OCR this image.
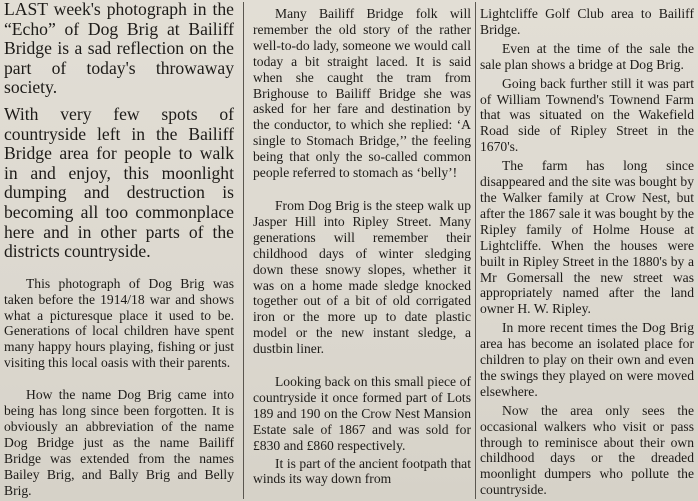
LAST week's photograph in the “Echo” of Dog Brig at Bailiff Bridge is a sad reflection on the part of today's throwaway society.

With very few spots of countryside left in the Bailiff Bridge area for people to walk in and enjoy, this moonlight dumping and destruction is becoming all too commonplace here and in other parts of the districts countryside.

This photograph of Dog Brig was taken before the 1914/18 war and shows what a picturesque place it used to be. Generations of local children have spent many happy hours playing, fishing or just visiting this local oasis with their parents.

How the name Dog Brig came into being has long since been forgotten. It is obviously an abbreviation of the name Dog Bridge just as the name Bailiff Bridge was extended from the names Bailey Brig, and Bally Brig and Belly Brig.

Many Bailiff Bridge folk will remember the old story of the rather well-to-do lady, someone we would call today a bit straight laced. It is said when she caught the tram from Brighouse to Bailiff Bridge she was asked for her fare and destination by the conductor, to which she replied: ‘A single to Stomach Bridge,’’ the feeling being that only the so-called common people referred to stomach as ‘belly’!

From Dog Brig is the steep walk up Jasper Hill into Ripley Street. Many generations will remember their childhood days of winter sledging down these snowy slopes, whether it was on a home made sledge knocked together out of a bit of old corrigated iron or the more up to date plastic model or the new instant sledge, a dustbin liner.

Looking back on this small piece of countryside it once formed part of Lots 189 and 190 on the Crow Nest Mansion Estate sale of 1867 and was sold for £830 and £860 respectively.

It is part of the ancient footpath that winds its way down from

Lightcliffe Golf Club area to Bailiff Bridge.

Even at the time of the sale the sale plan shows a bridge at Dog Brig.

Going back further still it was part of William Townend's Townend Farm that was situated on the Wakefield Road side of Ripley Street in the 1670's.

The farm has long since disappeared and the site was bought by the Walker family at Crow Nest, but after the 1867 sale it was bought by the Ripley family of Holme House at Lightcliffe. When the houses were built in Ripley Street in the 1880's by a Mr Gomersall the new street was appropriately named after the land owner H. W. Ripley.

In more recent times the Dog Brig area has become an isolated place for children to play on their own and even the swings they played on were moved elsewhere.

Now the area only sees the occasional walkers who visit or pass through to reminisce about their own childhood days or the dreaded moonlight dumpers who pollute the countryside.
